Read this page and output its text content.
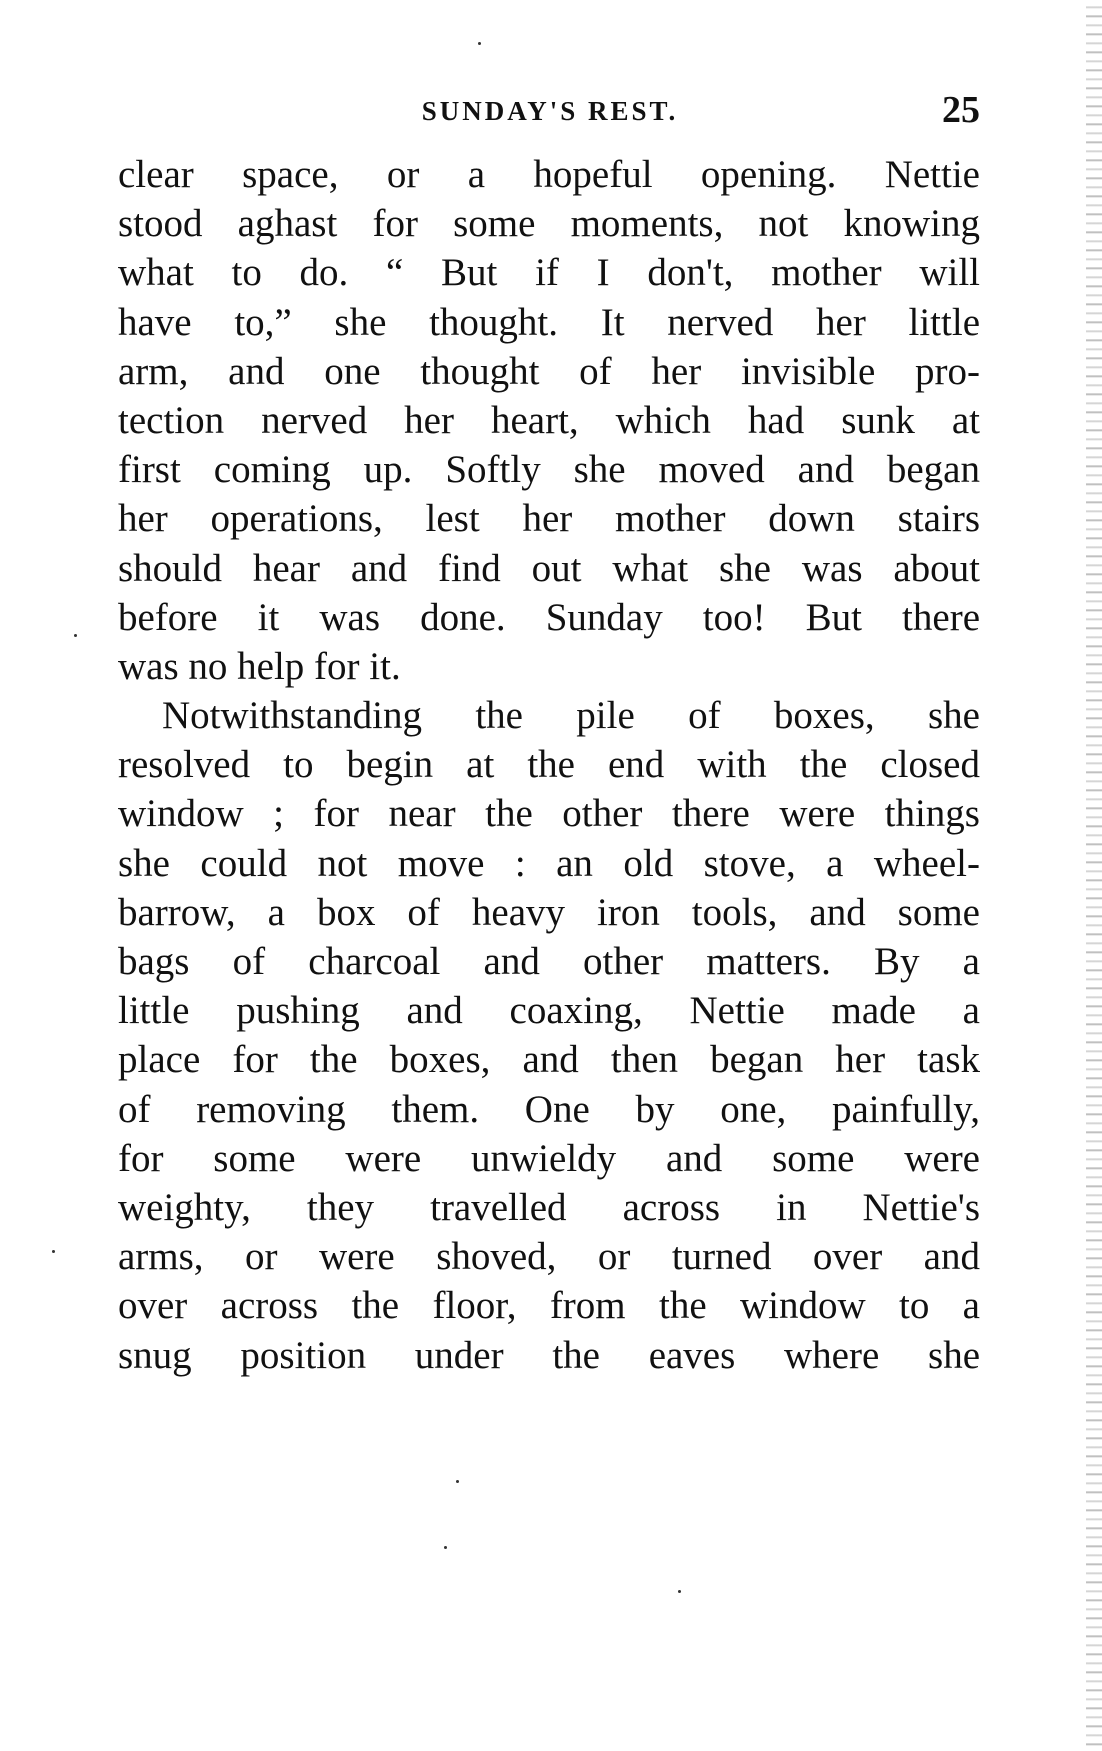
SUNDAY'S REST.	25
clear space, or a hopeful opening. Nettie
stood aghast for some moments, not knowing
what to do. “ But if I don't, mother will
have to,” she thought. It nerved her little
arm, and one thought of her invisible pro-
tection nerved her heart, which had sunk at
first coming up. Softly she moved and began
her operations, lest her mother down stairs
should hear and find out what she was about
before it was done. Sunday too! But there
was no help for it.
Notwithstanding the pile of boxes, she
resolved to begin at the end with the closed
window ; for near the other there were things
she could not move : an old stove, a wheel-
barrow, a box of heavy iron tools, and some
bags of charcoal and other matters. By a
little pushing and coaxing, Nettie made a
place for the boxes, and then began her task
of removing them. One by one, painfully,
for some were unwieldy and some were
weighty, they travelled across in Nettie's
arms, or were shoved, or turned over and
over across the floor, from the window to a
snug position under the eaves where she
